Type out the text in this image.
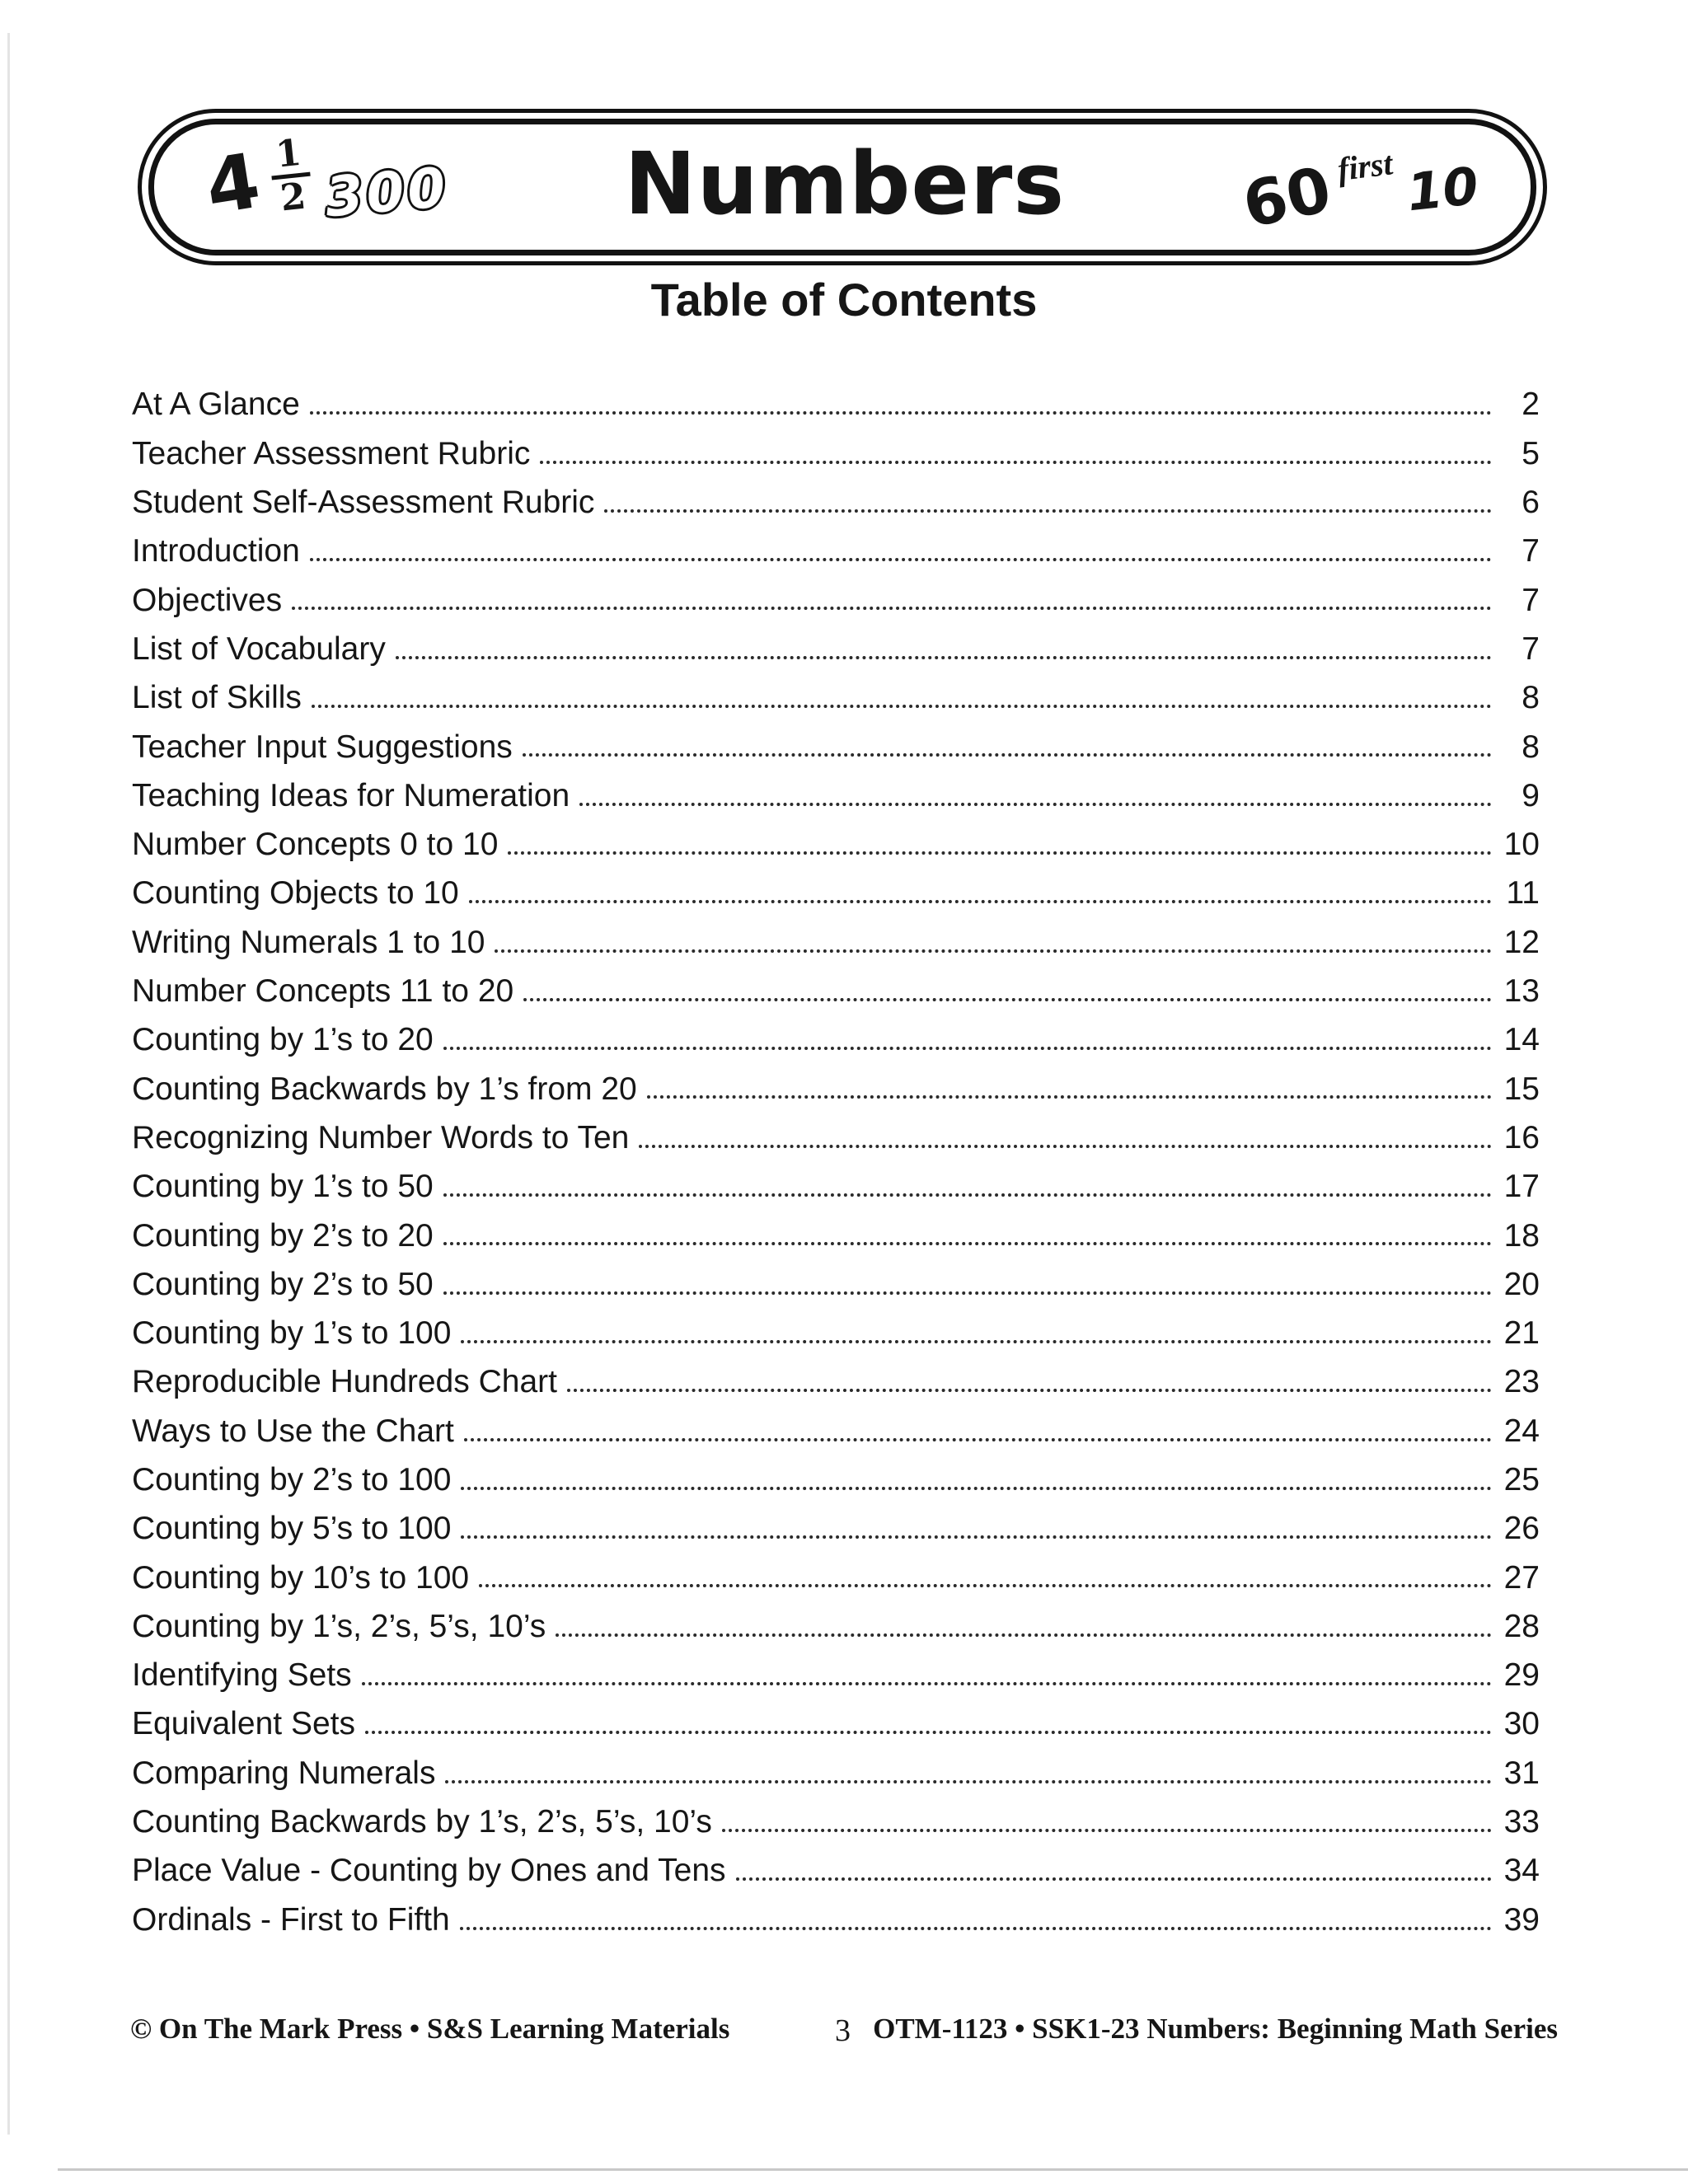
$4 \frac{1}{2} 300$ Numbers	60
first 10
Table of Contents
At A Glance	2
Teacher Assessment Rubric	5
Student Self-Assessment Rubric	6
Introduction	7
Objectives	7
List of Vocabulary	7
List of Skills	8
Teacher Input Suggestions	8
Teaching Ideas for Numeration	9
Number Concepts 0 to 10	10
Counting Objects to 10	11
Writing Numerals 1 to 10	12
Number Concepts 11 to 20	13
Counting by 1’s to 20	14
Counting Backwards by 1’s from 20	15
Recognizing Number Words to Ten	16
Counting by 1’s to 50	17
Counting by 2’s to 20	18
Counting by 2’s to 50	20
Counting by 1’s to 100	21
Reproducible Hundreds Chart	23
Ways to Use the Chart	24
Counting by 2’s to 100	25
Counting by 5’s to 100	26
Counting by 10’s to 100	27
Counting by 1’s, 2’s, 5’s, 10’s	28
Identifying Sets	29
Equivalent Sets	30
Comparing Numerals	31
Counting Backwards by 1’s, 2’s, 5’s, 10’s	33
Place Value - Counting by Ones and Tens	34
Ordinals - First to Fifth	39
© On The Mark Press • S&S Learning Materials	3 OTM-1123 • SSK1-23 Numbers: Beginning Math Series
